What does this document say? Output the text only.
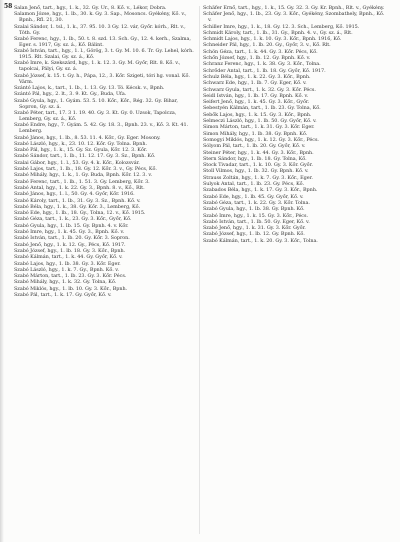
58 Salan Jenő, tart., hgy., 1. k., 32. Gy. Ur., 8. Kő. v., Lékor, Dobra.
Salamon Józse, hgy., 1. lb., 30. k. Gy. 3. Sap., Mosoncs. Gyékény, Kő. v., Bpnh., Rfl. 21, 30.
Szalai Sándor, 1. tsl., 1. k., 37. 95. 10. 3 Gy. 12. vár, Győr. kórh., Rlt. v., Tóth. Gy.
Szabó Ferenc, hgy., 1. lb., 50. t. 8. szd. 13. Sch. Gy., 12. 4. kerh., Szalma, Eger. s. 1917, Gy. sz. á., Kő. Bálint.
Szabó István, tart., hgy., 1. l., Görög, 3. t. Gy. M. 10. 6. Tr. Gy. Lehel, kórh. 1915. Rlt. Szalai, Gy. sz. á., Kő.
Szabó Imre, k. Szekszárd, hgy., 1. k. 12. 3. Gy. M. Győr, Rlt. 8. Kő. v., tapolcai, Pályi, Gy. sz. á.
Szabó József, k. 15. t. Gy. h., Pápa, 12., 3. Kőr. Szigeti, tóri hg. vonal. Kő. Várm.
Szántó Lajos, k., tart., 1. lb., 1. 13. Gy. 13. Tó. Kécsk. v., Bpnh.
Szántó Pál, hgy., 2. lt., 3. 9. Kt. Gy., Buda, Ufa.
Szabó Gyula, hgy., 1. Gyám. 53. 5. 10. Kőr., Kőr., Rég. 32. Gy. Bihar, Sopron, Gy. sz. á.
Szabó Péter, tart., 17. 3 1. 19. 40. Gy. 3. Kt. Gy. 0. Uzsok, Tapolcza, Lemberg, Gy. sz. á., Kő.
Szabó Endre, hgy., 7. Gyám. 5. 42. Gy. 18. 3., Bpnh. 23. v., Kő. 3. Kt. 41. Lemberg.
Szabó János, hgy., 1. lb., 8. 53. 11. 4. Kőr., Gy. Eger. Mosony.
Szabó László, hgy., k., 23. 10. 12. Kőr. Gy. Tolna. Bpnh.
Szabó Pál, hgy., 1. k., 15. Gy. Sz. Gyula, Kőr. 12. 3. Kőr.
Szabó Sándor, tart., 1. lb., 11. 12. 17. Gy. 3. Sz., Bpnh. Kő.
Szalai Gábor, hgy., 1. l., 53. Gy. 4. k. Kőr., Kolozsvár.
Szabó Lajos, tart., 1. lb., 18. Gy. 12. Kőr. 3. v., Gy. Pécs, Kő.
Szabó Mihály, hgy., 1. k., 1. Gy. Buda, Bpnh. Kőr. 12. 3. v.
Szabó Ferenc, tart., 1. lb., 1. 51. 3. Gy. Lemberg, Kőr. 3.
Szabó Antal, hgy., 1. k. 22. Gy. 3., Bpnh. 8. v., Kő., Rlt.
Szabó János, hgy., 1. l., 50. Gy. 4. Győr, Kőr. 1916.
Szabó Károly, tart., 1. lb., 31. Gy. 3. Sz., Bpnh. Kő. v.
Szabó Béla, hgy., 1. k., 38. Gy. Kőr. 3., Lemberg, Kő.
Szabó Ede, hgy., 1. lb., 18. Gy., Tolna, 12. v., Kő. 1915.
Szabó Géza, tart., 1. k., 23. Gy. 3. Kőr., Győr, Kő.
Szabó Gyula, hgy., 1. lb. 15. Gy. Bpnh. 4. v. Kőr.
Szabó Imre, hgy., 1. k. 45. Gy. 3., Bpnh. Kő. v.
Szabó István, tart., 1. lb. 20. Gy. Kőr. 3. Sopron.
Szabó Jenő, hgy., 1. k. 12. Gy., Pécs, Kő. 1917.
Szabó József, hgy., 1. lb. 18. Gy. 3. Kőr., Bpnh.
Szabó Kálmán, tart., 1. k. 44. Gy. Győr, Kő. v.
Szabó Lajos, hgy., 1. lb. 38. Gy. 3. Kőr. Eger.
Szabó László, hgy., 1. k. 7. Gy., Bpnh. Kő. v.
Szabó Márton, tart., 1. lb. 23. Gy. 3. Kőr. Pécs.
Szabó Mihály, hgy., 1. k. 32. Gy. Tolna, Kő.
Szabó Miklós, hgy., 1. lb. 10. Gy. 3. Kőr., Bpnh.
Szabó Pál, tart., 1. k. 17. Gy. Győr, Kő. v.
Schäfer Ernő, tart., hgy., 1. k., 15. Gy. 32. 3. Gy. Kr. Bpnh., Rlt. v., Gyékény.
Schäfer Jenő, hgy., 1. lb., 23. Gy. 3. Kőr., Gyékény, Szombathely, Bpnh., Kő. v.
Schiller Imre, hgy., 1. k., 18. Gy. 12. 3. Sch., Lemberg, Kő. 1915.
Schmidt Károly, tart., 1. lb., 31. Gy., Bpnh. 4. v., Gy. sz. á., Rlt.
Schmidt Lajos, hgy., 1. k. 10. Gy. 3. Kőr., Bpnh. 1916, Kő.
Schneider Pál, hgy., 1. lb. 20. Gy., Győr, 3. v., Kő. Rlt.
Schön Géza, tart., 1. k. 44. Gy. 3. Kőr. Pécs, Kő.
Schőn József, hgy., 1. lb. 12. Gy. Bpnh. Kő. v.
Schranz Ferenc, hgy., 1. k. 38. Gy. 3. Kőr., Tolna.
Schrőder Antal, tart., 1. lb. 18. Gy. Győr, Kő. 1917.
Schulz Béla, hgy., 1. k. 22. Gy. 3. Kőr., Bpnh.
Schwarz Ede, hgy., 1. lb. 7. Gy. Eger, Kő. v.
Schwarz Gyula, tart., 1. k. 32. Gy. 3. Kőr. Pécs.
Seidl István, hgy., 1. lb. 17. Gy. Bpnh. Kő. v.
Seifert Jenő, hgy., 1. k. 45. Gy. 3. Kőr., Győr.
Sebestyén Kálmán, tart., 1. lb. 23. Gy. Tolna, Kő.
Sebők Lajos, hgy., 1. k. 15. Gy. 3. Kőr., Bpnh.
Selmeczi László, hgy., 1. lb. 50. Gy. Győr, Kő. v.
Simon Márton, tart., 1. k. 31. Gy. 3. Kőr. Eger.
Simon Mihály, hgy., 1. lb. 38. Gy. Bpnh. Kő.
Somogyi Miklós, hgy., 1. k. 12. Gy. 3. Kőr., Pécs.
Sólyom Pál, tart., 1. lb. 20. Gy. Győr, Kő. v.
Steiner Péter, hgy., 1. k. 44. Gy. 3. Kőr., Bpnh.
Stern Sándor, hgy., 1. lb. 18. Gy. Tolna, Kő.
Stock Tivadar, tart., 1. k. 10. Gy. 3. Kőr. Győr.
Stoll Vilmos, hgy., 1. lb. 32. Gy. Bpnh. Kő. v.
Strauss Zoltán, hgy., 1. k. 7. Gy. 3. Kőr., Eger.
Sulyok Antal, tart., 1. lb. 23. Gy. Pécs, Kő.
Szabados Béla, hgy., 1. k. 17. Gy. 3. Kőr., Bpnh.
Szabó Ede, hgy., 1. lb. 45. Gy. Győr, Kő. v.
Szabó Géza, tart., 1. k. 22. Gy. 3. Kőr. Tolna.
Szabó Gyula, hgy., 1. lb. 38. Gy. Bpnh. Kő.
Szabó Imre, hgy., 1. k. 15. Gy. 3. Kőr., Pécs.
Szabó István, tart., 1. lb. 50. Gy. Eger, Kő. v.
Szabó Jenő, hgy., 1. k. 31. Gy. 3. Kőr. Győr.
Szabó József, hgy., 1. lb. 12. Gy. Bpnh. Kő.
Szabó Kálmán, tart., 1. k. 20. Gy. 3. Kőr., Tolna.
